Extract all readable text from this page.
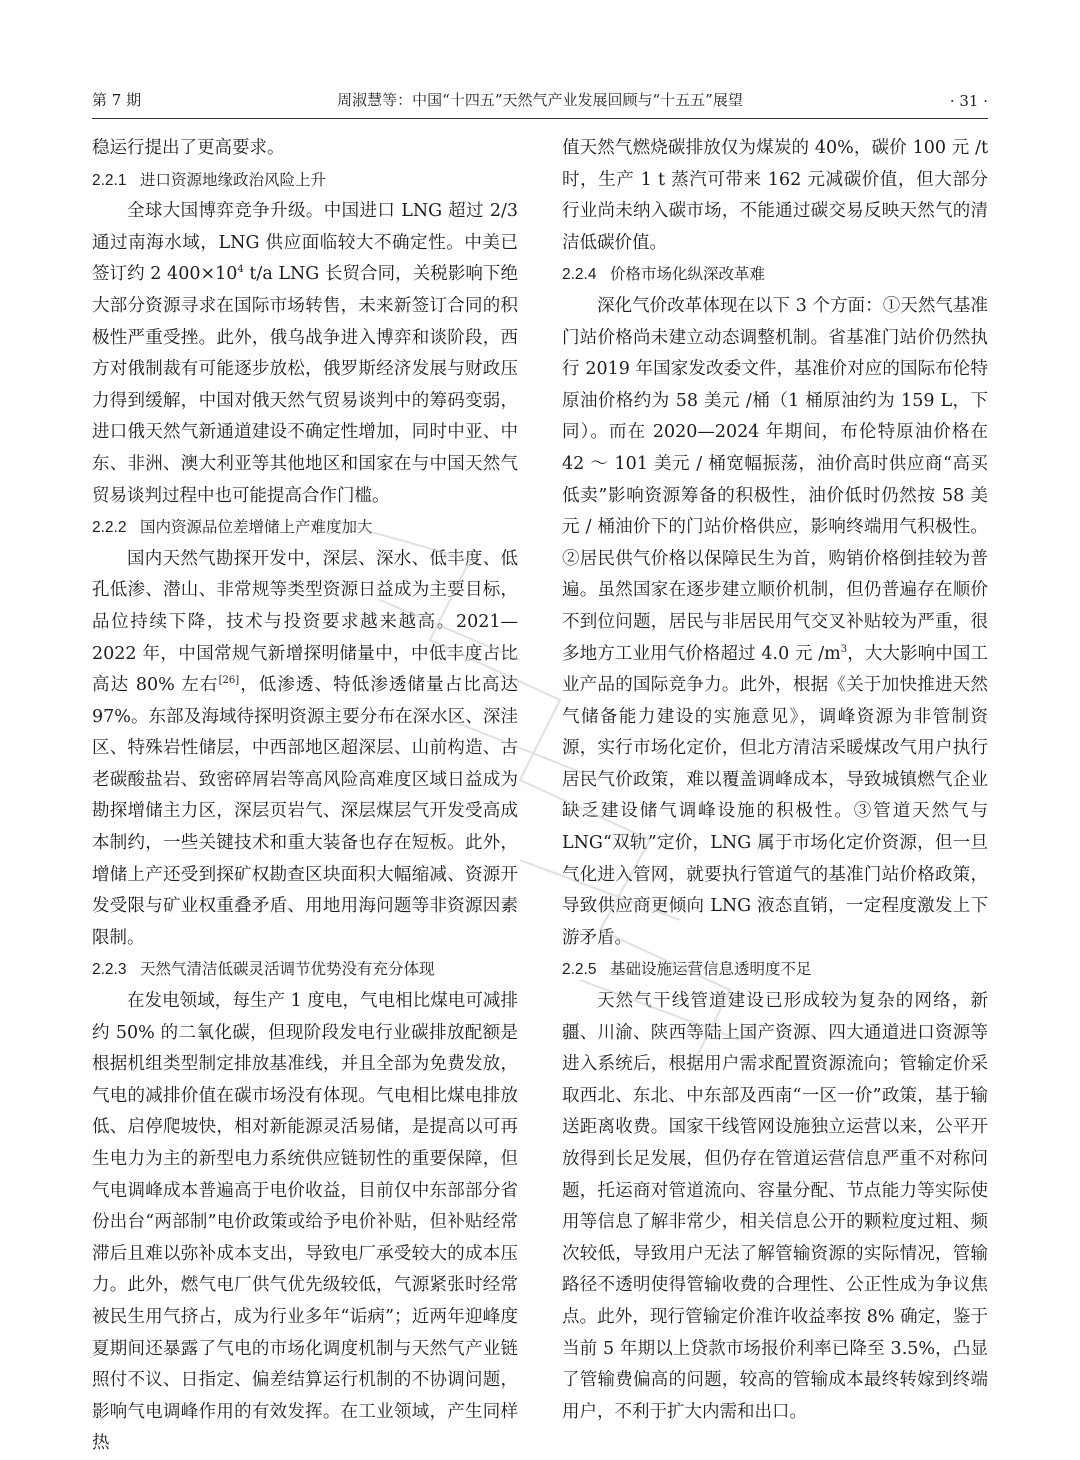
第 7 期	周淑慧等：中国“十四五”天然气产业发展回顾与“十五五”展望	· 31 ·

稳运行提出了更高要求。

2.2.1 进口资源地缘政治风险上升

全球大国博弈竞争升级。中国进口 LNG 超过 2/3 通过南海水域，LNG 供应面临较大不确定性。中美已签订约 2 $400\times 10^4$ t/a LNG 长贸合同，关税影响下绝大部分资源寻求在国际市场转售，未来新签订合同的积极性严重受挫。此外，俄乌战争进入博弈和谈阶段，西方对俄制裁有可能逐步放松，俄罗斯经济发展与财政压力得到缓解，中国对俄天然气贸易谈判中的筹码变弱，进口俄天然气新通道建设不确定性增加，同时中亚、中东、非洲、澳大利亚等其他地区和国家在与中国天然气贸易谈判过程中也可能提高合作门槛。

2.2.2 国内资源品位差增储上产难度加大

国内天然气勘探开发中，深层、深水、低丰度、低孔低渗、潜山、非常规等类型资源日益成为主要目标，品位持续下降，技术与投资要求越来越高。2021—2022 年，中国常规气新增探明储量中，中低丰度占比高达 80% 左右[26]，低渗透、特低渗透储量占比高达 97%。东部及海域待探明资源主要分布在深水区、深洼区、特殊岩性储层，中西部地区超深层、山前构造、古老碳酸盐岩、致密碎屑岩等高风险高难度区域日益成为勘探增储主力区，深层页岩气、深层煤层气开发受高成本制约，一些关键技术和重大装备也存在短板。此外，增储上产还受到探矿权勘查区块面积大幅缩减、资源开发受限与矿业权重叠矛盾、用地用海问题等非资源因素限制。

2.2.3 天然气清洁低碳灵活调节优势没有充分体现

在发电领域，每生产 1 度电，气电相比煤电可减排约 50% 的二氧化碳，但现阶段发电行业碳排放配额是根据机组类型制定排放基准线，并且全部为免费发放，气电的减排价值在碳市场没有体现。气电相比煤电排放低、启停爬坡快，相对新能源灵活易储，是提高以可再生电力为主的新型电力系统供应链韧性的重要保障，但气电调峰成本普遍高于电价收益，目前仅中东部部分省份出台“两部制”电价政策或给予电价补贴，但补贴经常滞后且难以弥补成本支出，导致电厂承受较大的成本压力。此外，燃气电厂供气优先级较低，气源紧张时经常被民生用气挤占，成为行业多年“诟病”；近两年迎峰度夏期间还暴露了气电的市场化调度机制与天然气产业链照付不议、日指定、偏差结算运行机制的不协调问题，影响气电调峰作用的有效发挥。在工业领域，产生同样热

值天然气燃烧碳排放仅为煤炭的 40%，碳价 100 元 /t 时，生产 1 t 蒸汽可带来 162 元减碳价值，但大部分行业尚未纳入碳市场，不能通过碳交易反映天然气的清洁低碳价值。

2.2.4 价格市场化纵深改革难

深化气价改革体现在以下 3 个方面：①天然气基准门站价格尚未建立动态调整机制。省基准门站价仍然执行 2019 年国家发改委文件，基准价对应的国际布伦特原油价格约为 58 美元 /桶（1 桶原油约为 159 L，下同）。而在 2020—2024 年期间，布伦特原油价格在 42 ～ 101 美元 / 桶宽幅振荡，油价高时供应商“高买低卖”影响资源筹备的积极性，油价低时仍然按 58 美元 / 桶油价下的门站价格供应，影响终端用气积极性。②居民供气价格以保障民生为首，购销价格倒挂较为普遍。虽然国家在逐步建立顺价机制，但仍普遍存在顺价不到位问题，居民与非居民用气交叉补贴较为严重，很多地方工业用气价格超过 4.0 元 $/m^3$，大大影响中国工业产品的国际竞争力。此外，根据《关于加快推进天然气储备能力建设的实施意见》，调峰资源为非管制资源，实行市场化定价，但北方清洁采暖煤改气用户执行居民气价政策，难以覆盖调峰成本，导致城镇燃气企业缺乏建设储气调峰设施的积极性。③管道天然气与 LNG“双轨”定价，LNG 属于市场化定价资源，但一旦气化进入管网，就要执行管道气的基准门站价格政策，导致供应商更倾向 LNG 液态直销，一定程度激发上下游矛盾。

2.2.5 基础设施运营信息透明度不足

天然气干线管道建设已形成较为复杂的网络，新疆、川渝、陕西等陆上国产资源、四大通道进口资源等进入系统后，根据用户需求配置资源流向；管输定价采取西北、东北、中东部及西南“一区一价”政策，基于输送距离收费。国家干线管网设施独立运营以来，公平开放得到长足发展，但仍存在管道运营信息严重不对称问题，托运商对管道流向、容量分配、节点能力等实际使用等信息了解非常少，相关信息公开的颗粒度过粗、频次较低，导致用户无法了解管输资源的实际情况，管输路径不透明使得管输收费的合理性、公正性成为争议焦点。此外，现行管输定价准许收益率按 8% 确定，鉴于当前 5 年期以上贷款市场报价利率已降至 3.5%，凸显了管输费偏高的问题，较高的管输成本最终转嫁到终端用户，不利于扩大内需和出口。
